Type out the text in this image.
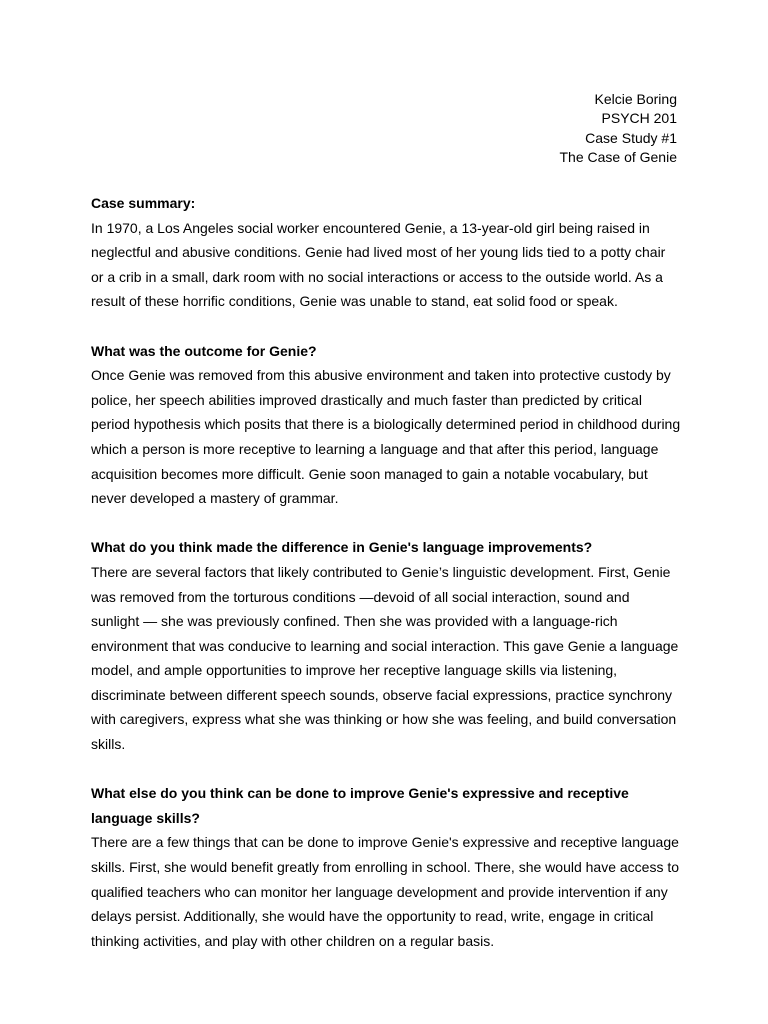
Kelcie Boring
PSYCH 201
Case Study #1
The Case of Genie

Case summary:

In 1970, a Los Angeles social worker encountered Genie, a 13-year-old girl being raised in neglectful and abusive conditions. Genie had lived most of her young lids tied to a potty chair or a crib in a small, dark room with no social interactions or access to the outside world. As a result of these horrific conditions, Genie was unable to stand, eat solid food or speak.

What was the outcome for Genie?

Once Genie was removed from this abusive environment and taken into protective custody by police, her speech abilities improved drastically and much faster than predicted by critical period hypothesis which posits that there is a biologically determined period in childhood during which a person is more receptive to learning a language and that after this period, language acquisition becomes more difficult. Genie soon managed to gain a notable vocabulary, but never developed a mastery of grammar.

What do you think made the difference in Genie's language improvements?

There are several factors that likely contributed to Genie’s linguistic development. First, Genie was removed from the torturous conditions —devoid of all social interaction, sound and sunlight — she was previously confined. Then she was provided with a language-rich environment that was conducive to learning and social interaction. This gave Genie a language model, and ample opportunities to improve her receptive language skills via listening, discriminate between different speech sounds, observe facial expressions, practice synchrony with caregivers, express what she was thinking or how she was feeling, and build conversation skills.

What else do you think can be done to improve Genie's expressive and receptive language skills?

There are a few things that can be done to improve Genie's expressive and receptive language skills. First, she would benefit greatly from enrolling in school. There, she would have access to qualified teachers who can monitor her language development and provide intervention if any delays persist. Additionally, she would have the opportunity to read, write, engage in critical thinking activities, and play with other children on a regular basis.
